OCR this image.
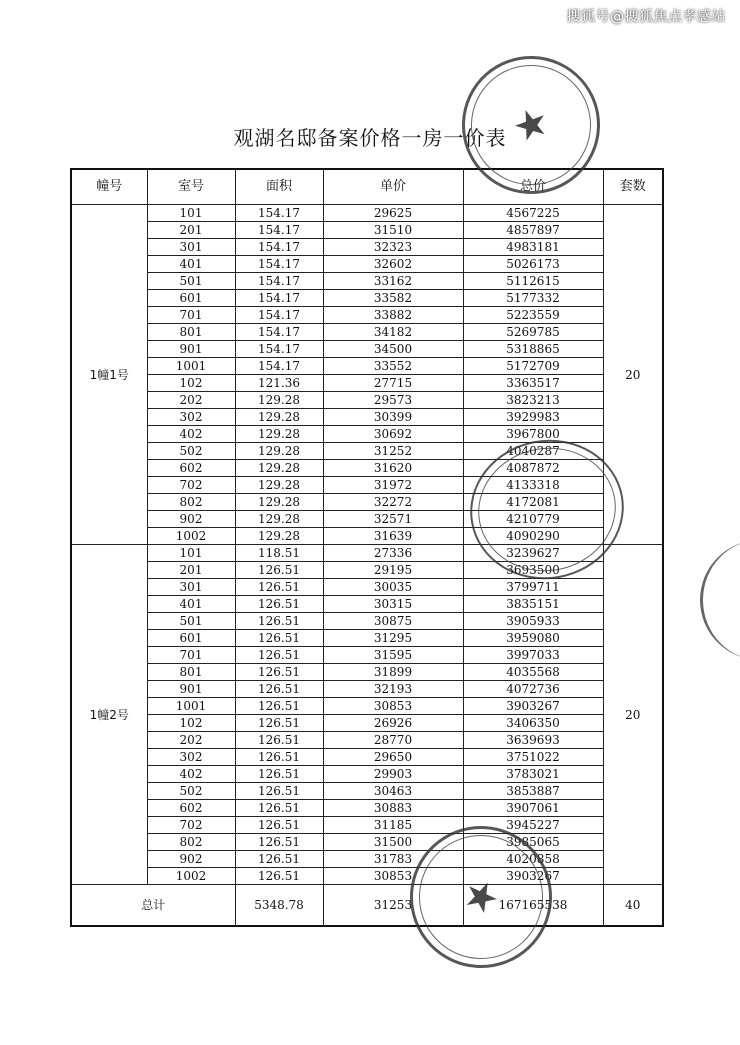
搜狐号@搜狐焦点孝感站
观湖名邸备案价格一房一价表
幢号	室号	面积	单价	总价	套数
1幢1号	101	154.17	29625	4567225	20
	201	154.17	31510	4857897	
	301	154.17	32323	4983181	
	401	154.17	32602	5026173	
	501	154.17	33162	5112615	
	601	154.17	33582	5177332	
	701	154.17	33882	5223559	
	801	154.17	34182	5269785	
	901	154.17	34500	5318865	
	1001	154.17	33552	5172709	
	102	121.36	27715	3363517	
	202	129.28	29573	3823213	
	302	129.28	30399	3929983	
	402	129.28	30692	3967800	
	502	129.28	31252	4040287	
	602	129.28	31620	4087872	
	702	129.28	31972	4133318	
	802	129.28	32272	4172081	
	902	129.28	32571	4210779	
	1002	129.28	31639	4090290	
1幢2号	101	118.51	27336	3239627	20
	201	126.51	29195	3693500	
	301	126.51	30035	3799711	
	401	126.51	30315	3835151	
	501	126.51	30875	3905933	
	601	126.51	31295	3959080	
	701	126.51	31595	3997033	
	801	126.51	31899	4035568	
	901	126.51	32193	4072736	
	1001	126.51	30853	3903267	
	102	126.51	26926	3406350	
	202	126.51	28770	3639693	
	302	126.51	29650	3751022	
	402	126.51	29903	3783021	
	502	126.51	30463	3853887	
	602	126.51	30883	3907061	
	702	126.51	31185	3945227	
	802	126.51	31500	3985065	
	902	126.51	31783	4020858	
	1002	126.51	30853	3903267	
总计		5348.78	31253	167165538	40
★
★
